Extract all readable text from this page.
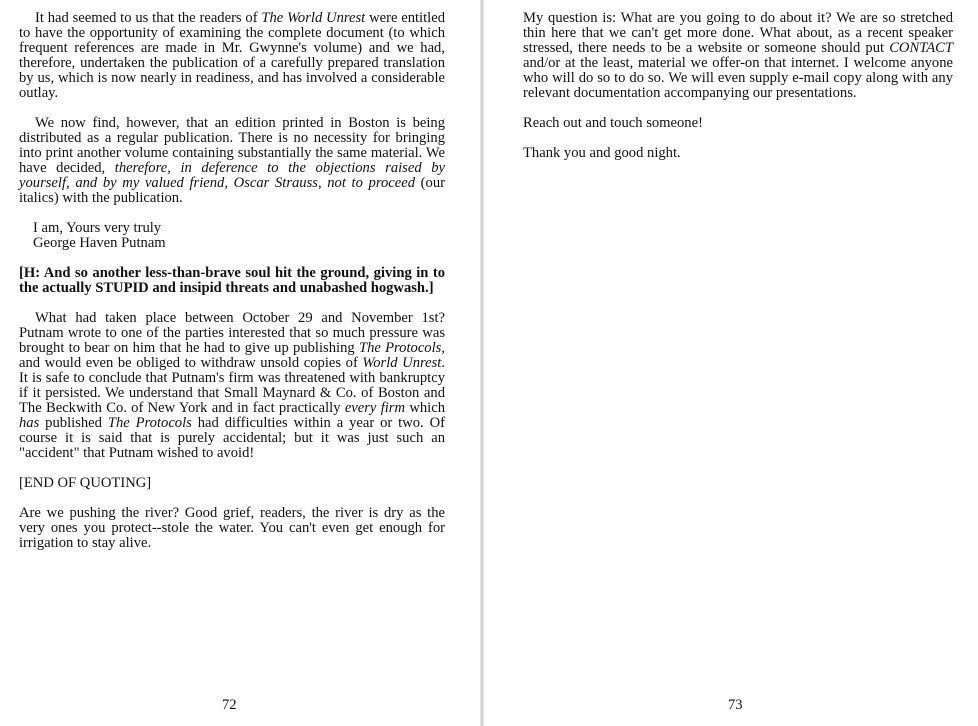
It had seemed to us that the readers of The World Unrest were entitled to have the opportunity of examining the complete document (to which frequent references are made in Mr. Gwynne's volume) and we had, therefore, undertaken the publication of a carefully prepared translation by us, which is now nearly in readiness, and has involved a considerable outlay.

We now find, however, that an edition printed in Boston is being distributed as a regular publication. There is no necessity for bringing into print another volume containing substantially the same material. We have decided, therefore, in deference to the objections raised by yourself, and by my valued friend, Oscar Strauss, not to proceed (our italics) with the publication.

I am, Yours very truly

George Haven Putnam

[H: And so another less-than-brave soul hit the ground, giving in to the actually STUPID and insipid threats and unabashed hogwash.]

What had taken place between October 29 and November 1st? Putnam wrote to one of the parties interested that so much pressure was brought to bear on him that he had to give up publishing The Protocols, and would even be obliged to withdraw unsold copies of World Unrest. It is safe to conclude that Putnam's firm was threatened with bankruptcy if it persisted. We understand that Small Maynard & Co. of Boston and The Beckwith Co. of New York and in fact practically every firm which has published The Protocols had difficulties within a year or two. Of course it is said that is purely accidental; but it was just such an "accident" that Putnam wished to avoid!

[END OF QUOTING]

Are we pushing the river? Good grief, readers, the river is dry as the very ones you protect--stole the water. You can't even get enough for irrigation to stay alive.

72

My question is: What are you going to do about it? We are so stretched thin here that we can't get more done. What about, as a recent speaker stressed, there needs to be a website or someone should put CONTACT and/or at the least, material we offer-on that internet. I welcome anyone who will do so to do so. We will even supply e-mail copy along with any relevant documentation accompanying our presentations.

Reach out and touch someone!

Thank you and good night.

73
